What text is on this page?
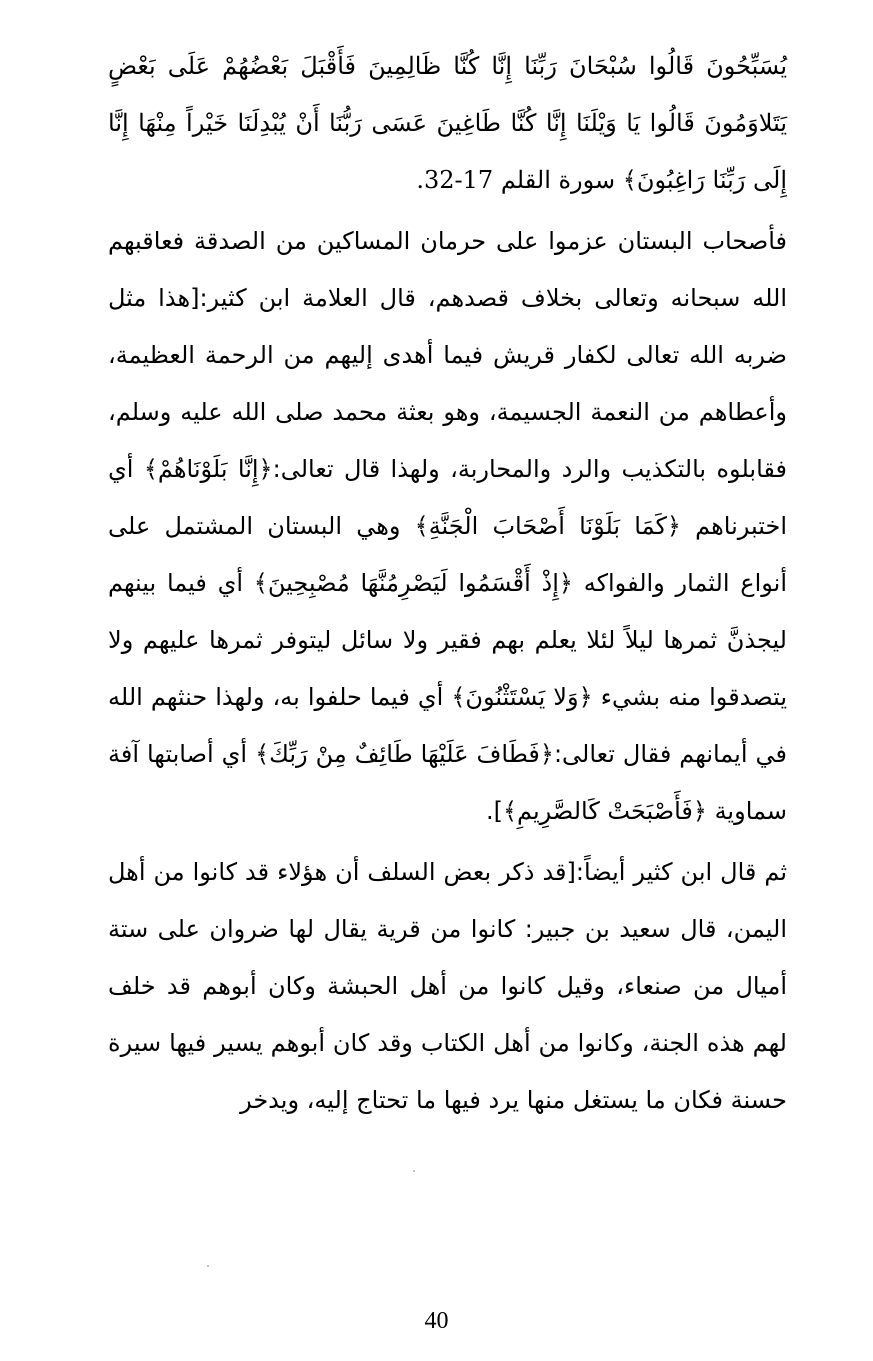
يُسَبِّحُونَ قَالُوا سُبْحَانَ رَبِّنَا إِنَّا كُنَّا ظَالِمِينَ فَأَقْبَلَ بَعْضُهُمْ عَلَى بَعْضٍ يَتَلاوَمُونَ قَالُوا يَا وَيْلَنَا إِنَّا كُنَّا طَاغِينَ عَسَى رَبُّنَا أَنْ يُبْدِلَنَا خَيْراً مِنْهَا إِنَّا إِلَى رَبِّنَا رَاغِبُونَ﴾ سورة القلم 17-32.

فأصحاب البستان عزموا على حرمان المساكين من الصدقة فعاقبهم الله سبحانه وتعالى بخلاف قصدهم، قال العلامة ابن كثير:[هذا مثل ضربه الله تعالى لكفار قريش فيما أهدى إليهم من الرحمة العظيمة، وأعطاهم من النعمة الجسيمة، وهو بعثة محمد صلى الله عليه وسلم، فقابلوه بالتكذيب والرد والمحاربة، ولهذا قال تعالى:﴿إِنَّا بَلَوْنَاهُمْ﴾ أي اختبرناهم ﴿كَمَا بَلَوْنَا أَصْحَابَ الْجَنَّةِ﴾ وهي البستان المشتمل على أنواع الثمار والفواكه ﴿إِذْ أَقْسَمُوا لَيَصْرِمُنَّهَا مُصْبِحِينَ﴾ أي فيما بينهم ليجذنَّ ثمرها ليلاً لئلا يعلم بهم فقير ولا سائل ليتوفر ثمرها عليهم ولا يتصدقوا منه بشيء ﴿وَلا يَسْتَثْنُونَ﴾ أي فيما حلفوا به، ولهذا حنثهم الله في أيمانهم فقال تعالى:﴿فَطَافَ عَلَيْهَا طَائِفٌ مِنْ رَبِّكَ﴾ أي أصابتها آفة سماوية ﴿فَأَصْبَحَتْ كَالصَّرِيمِ﴾].

ثم قال ابن كثير أيضاً:[قد ذكر بعض السلف أن هؤلاء قد كانوا من أهل اليمن، قال سعيد بن جبير: كانوا من قرية يقال لها ضروان على ستة أميال من صنعاء، وقيل كانوا من أهل الحبشة وكان أبوهم قد خلف لهم هذه الجنة، وكانوا من أهل الكتاب وقد كان أبوهم يسير فيها سيرة حسنة فكان ما يستغل منها يرد فيها ما تحتاج إليه، ويدخر

40
